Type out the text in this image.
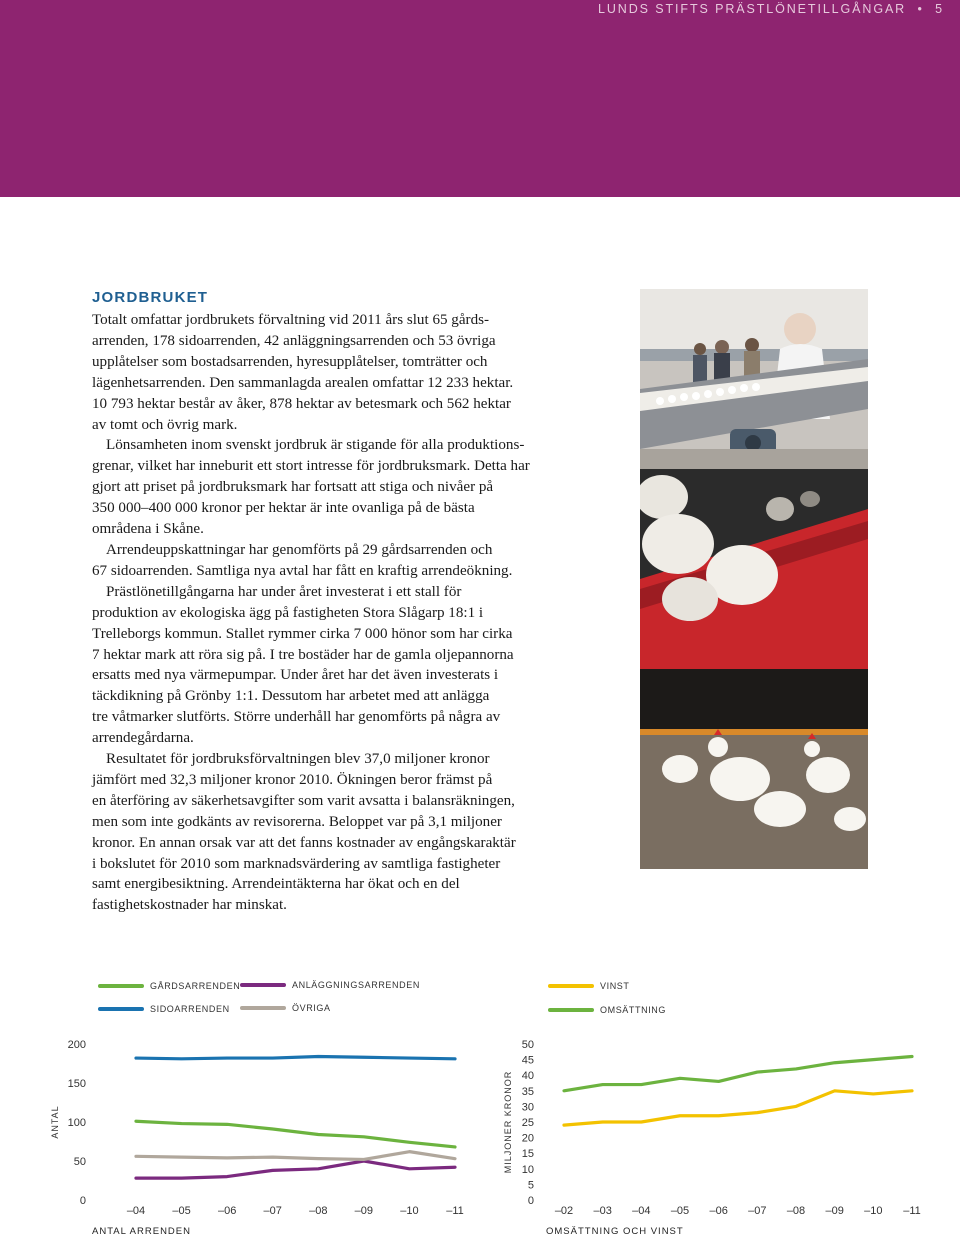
LUNDS STIFTS PRÄSTLÖNETILLGÅNGAR • 5
JORDBRUKET

Totalt omfattar jordbrukets förvaltning vid 2011 års slut 65 gårds-
arrenden, 178 sidoarrenden, 42 anläggningsarrenden och 53 övriga
upplåtelser som bostadsarrenden, hyresupplåtelser, tomträtter och
lägenhetsarrenden. Den sammanlagda arealen omfattar 12 233 hektar.
10 793 hektar består av åker, 878 hektar av betesmark och 562 hektar
av tomt och övrig mark.

Lönsamheten inom svenskt jordbruk är stigande för alla produktions-
grenar, vilket har inneburit ett stort intresse för jordbruksmark. Detta har
gjort att priset på jordbruksmark har fortsatt att stiga och nivåer på
350 000–400 000 kronor per hektar är inte ovanliga på de bästa
områdena i Skåne.

Arrendeuppskattningar har genomförts på 29 gårdsarrenden och
67 sidoarrenden. Samtliga nya avtal har fått en kraftig arrendeökning.

Prästlönetillgångarna har under året investerat i ett stall för
produktion av ekologiska ägg på fastigheten Stora Slågarp 18:1 i
Trelleborgs kommun. Stallet rymmer cirka 7 000 hönor som har cirka
7 hektar mark att röra sig på. I tre bostäder har de gamla oljepannorna
ersatts med nya värmepumpar. Under året har det även investerats i
täckdikning på Grönby 1:1. Dessutom har arbetet med att anlägga
tre våtmarker slutförts. Större underhåll har genomförts på några av
arrendegårdarna.

Resultatet för jordbruksförvaltningen blev 37,0 miljoner kronor
jämfört med 32,3 miljoner kronor 2010. Ökningen beror främst på
en återföring av säkerhetsavgifter som varit avsatta i balansräkningen,
men som inte godkänts av revisorerna. Beloppet var på 3,1 miljoner
kronor. En annan orsak var att det fanns kostnader av engångskaraktär
i bokslutet för 2010 som marknadsvärdering av samtliga fastigheter
samt energibesiktning. Arrendeintäkterna har ökat och en del
fastighetskostnader har minskat.

GÅRDSARRENDEN
SIDOARRENDEN
ANLÄGGNINGSARRENDEN
ÖVRIGA
VINST
OMSÄTTNING
ANTAL
0
50
100
150
200
–04 –05 –06 –07 –08 –09 –10	–11
ANTAL ARRENDEN
MILJONER KRONOR
0
5
10
15
20
25
30
35
40
45
50
–02 –03 –04 –05 –06 –07 –08 –09 –10 –11
OMSÄTTNING OCH VINST
